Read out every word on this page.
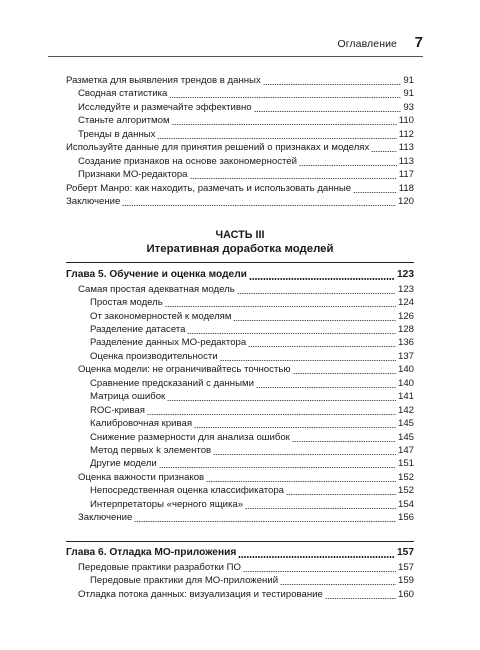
Оглавление 7
Разметка для выявления трендов в данных	91
Сводная статистика	91
Исследуйте и размечайте эффективно	93
Станьте алгоритмом	110
Тренды в данных	112
Используйте данные для принятия решений о признаках и моделях	113
Создание признаков на основе закономерностей	113
Признаки МО-редактора	117
Роберт Манро: как находить, размечать и использовать данные	118
Заключение	120
Глава 5. Обучение и оценка модели	123
Самая простая адекватная модель	123
Простая модель	124
От закономерностей к моделям	126
Разделение датасета	128
Разделение данных МО-редактора	136
Оценка производительности	137
Оценка модели: не ограничивайтесь точностью	140
Сравнение предсказаний с данными	140
Матрица ошибок	141
ROC-кривая	142
Калибровочная кривая	145
Снижение размерности для анализа ошибок	145
Метод первых k элементов	147
Другие модели	151
Оценка важности признаков	152
Непосредственная оценка классификатора	152
Интерпретаторы «черного ящика»	154
Заключение	156
Глава 6. Отладка МО-приложения	157
Передовые практики разработки ПО	157
Передовые практики для МО-приложений	159
Отладка потока данных: визуализация и тестирование	160
ЧАСТЬ III
Итеративная доработка моделей
